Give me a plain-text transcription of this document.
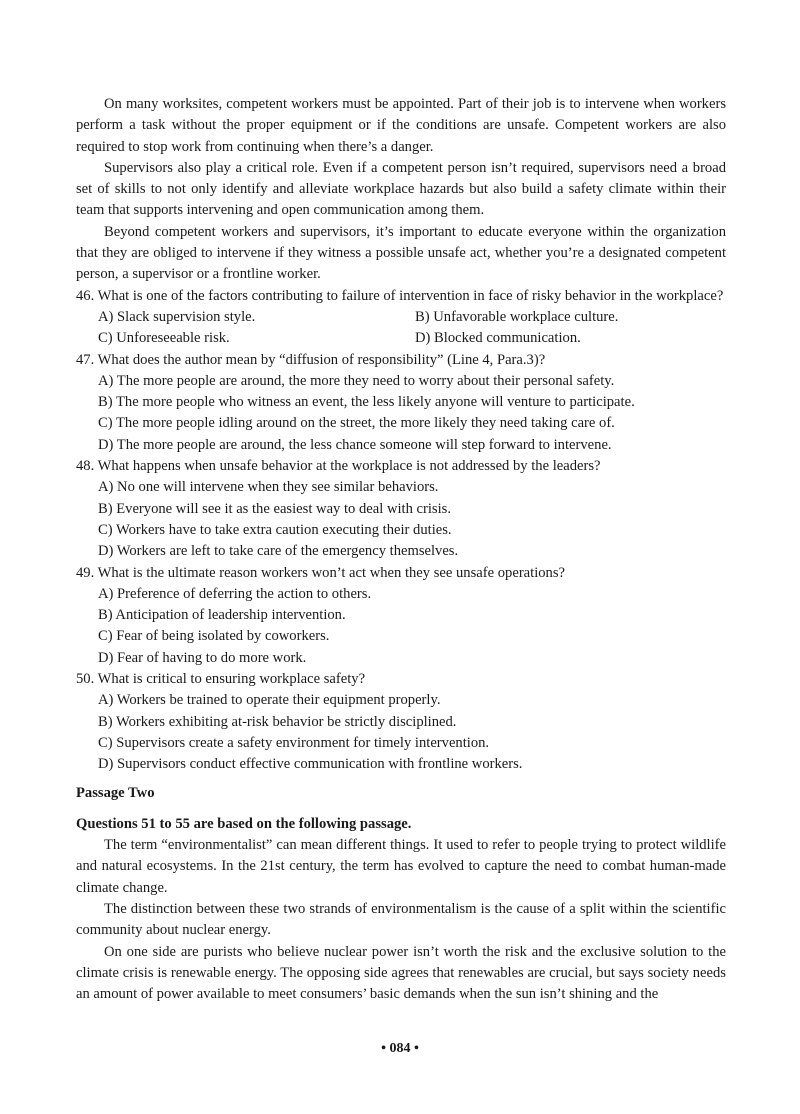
On many worksites, competent workers must be appointed. Part of their job is to intervene when workers perform a task without the proper equipment or if the conditions are unsafe. Competent workers are also required to stop work from continuing when there’s a danger.

Supervisors also play a critical role. Even if a competent person isn’t required, supervisors need a broad set of skills to not only identify and alleviate workplace hazards but also build a safety climate within their team that supports intervening and open communication among them.

Beyond competent workers and supervisors, it’s important to educate everyone within the organization that they are obliged to intervene if they witness a possible unsafe act, whether you’re a designated competent person, a supervisor or a frontline worker.

46. What is one of the factors contributing to failure of intervention in face of risky behavior in the workplace?

A) Slack supervision style.	B) Unfavorable workplace culture.
C) Unforeseeable risk.	D) Blocked communication.

47. What does the author mean by “diffusion of responsibility” (Line 4, Para.3)?

A) The more people are around, the more they need to worry about their personal safety.

B) The more people who witness an event, the less likely anyone will venture to participate.

C) The more people idling around on the street, the more likely they need taking care of.

D) The more people are around, the less chance someone will step forward to intervene.

48. What happens when unsafe behavior at the workplace is not addressed by the leaders?

A) No one will intervene when they see similar behaviors.

B) Everyone will see it as the easiest way to deal with crisis.

C) Workers have to take extra caution executing their duties.

D) Workers are left to take care of the emergency themselves.

49. What is the ultimate reason workers won’t act when they see unsafe operations?

A) Preference of deferring the action to others.

B) Anticipation of leadership intervention.

C) Fear of being isolated by coworkers.

D) Fear of having to do more work.

50. What is critical to ensuring workplace safety?

A) Workers be trained to operate their equipment properly.

B) Workers exhibiting at-risk behavior be strictly disciplined.

C) Supervisors create a safety environment for timely intervention.

D) Supervisors conduct effective communication with frontline workers.

Passage Two

Questions 51 to 55 are based on the following passage.

The term “environmentalist” can mean different things. It used to refer to people trying to protect wildlife and natural ecosystems. In the 21st century, the term has evolved to capture the need to combat human-made climate change.

The distinction between these two strands of environmentalism is the cause of a split within the scientific community about nuclear energy.

On one side are purists who believe nuclear power isn’t worth the risk and the exclusive solution to the climate crisis is renewable energy. The opposing side agrees that renewables are crucial, but says society needs an amount of power available to meet consumers’ basic demands when the sun isn’t shining and the

• 084 •
